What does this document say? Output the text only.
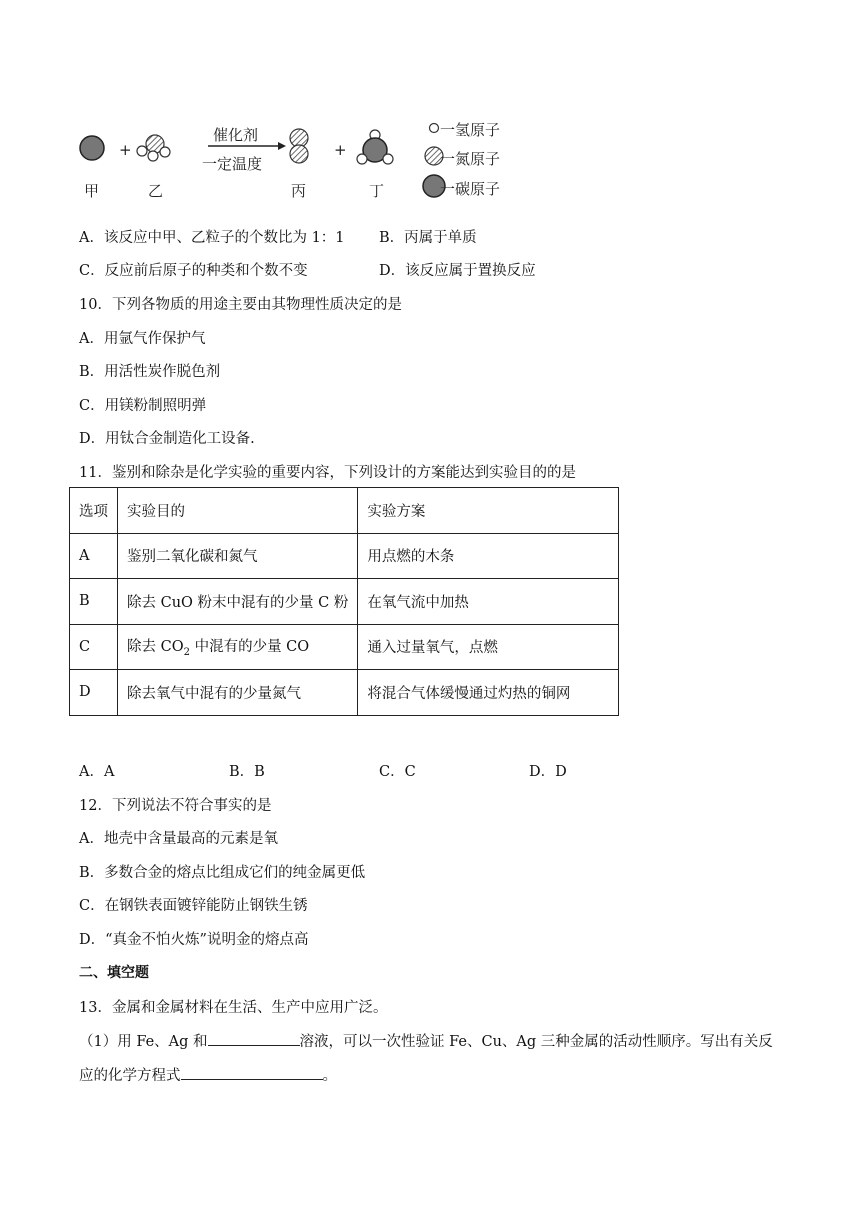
+	+
催化剂
一定温度
甲	乙	丙	丁
一氢原子
一氮原子
一碳原子
A．该反应中甲、乙粒子的个数比为 1：1 B．丙属于单质
C．反应前后原子的种类和个数不变	D．该反应属于置换反应
10．下列各物质的用途主要由其物理性质决定的是
A．用氩气作保护气
B．用活性炭作脱色剂
C．用镁粉制照明弹
D．用钛合金制造化工设备.
11．鉴别和除杂是化学实验的重要内容，下列设计的方案能达到实验目的的是
选项	实验目的	实验方案
A	鉴别二氧化碳和氮气	用点燃的木条
B	除去 CuO 粉末中混有的少量 C 粉	在氧气流中加热
C	除去 $CO_2$ 中混有的少量 CO	通入过量氧气，点燃
D	除去氧气中混有的少量氮气	将混合气体缓慢通过灼热的铜网
A．A	B．B	C．C	D．D
12．下列说法不符合事实的是
A．地壳中含量最高的元素是氧
B．多数合金的熔点比组成它们的纯金属更低
C．在钢铁表面镀锌能防止钢铁生锈
D．“真金不怕火炼”说明金的熔点高
二、填空题
13．金属和金属材料在生活、生产中应用广泛。
（1）用 Fe、Ag 和	溶液，可以一次性验证 Fe、Cu、Ag 三种金属的活动性顺序。写出有关反
应的化学方程式	。
